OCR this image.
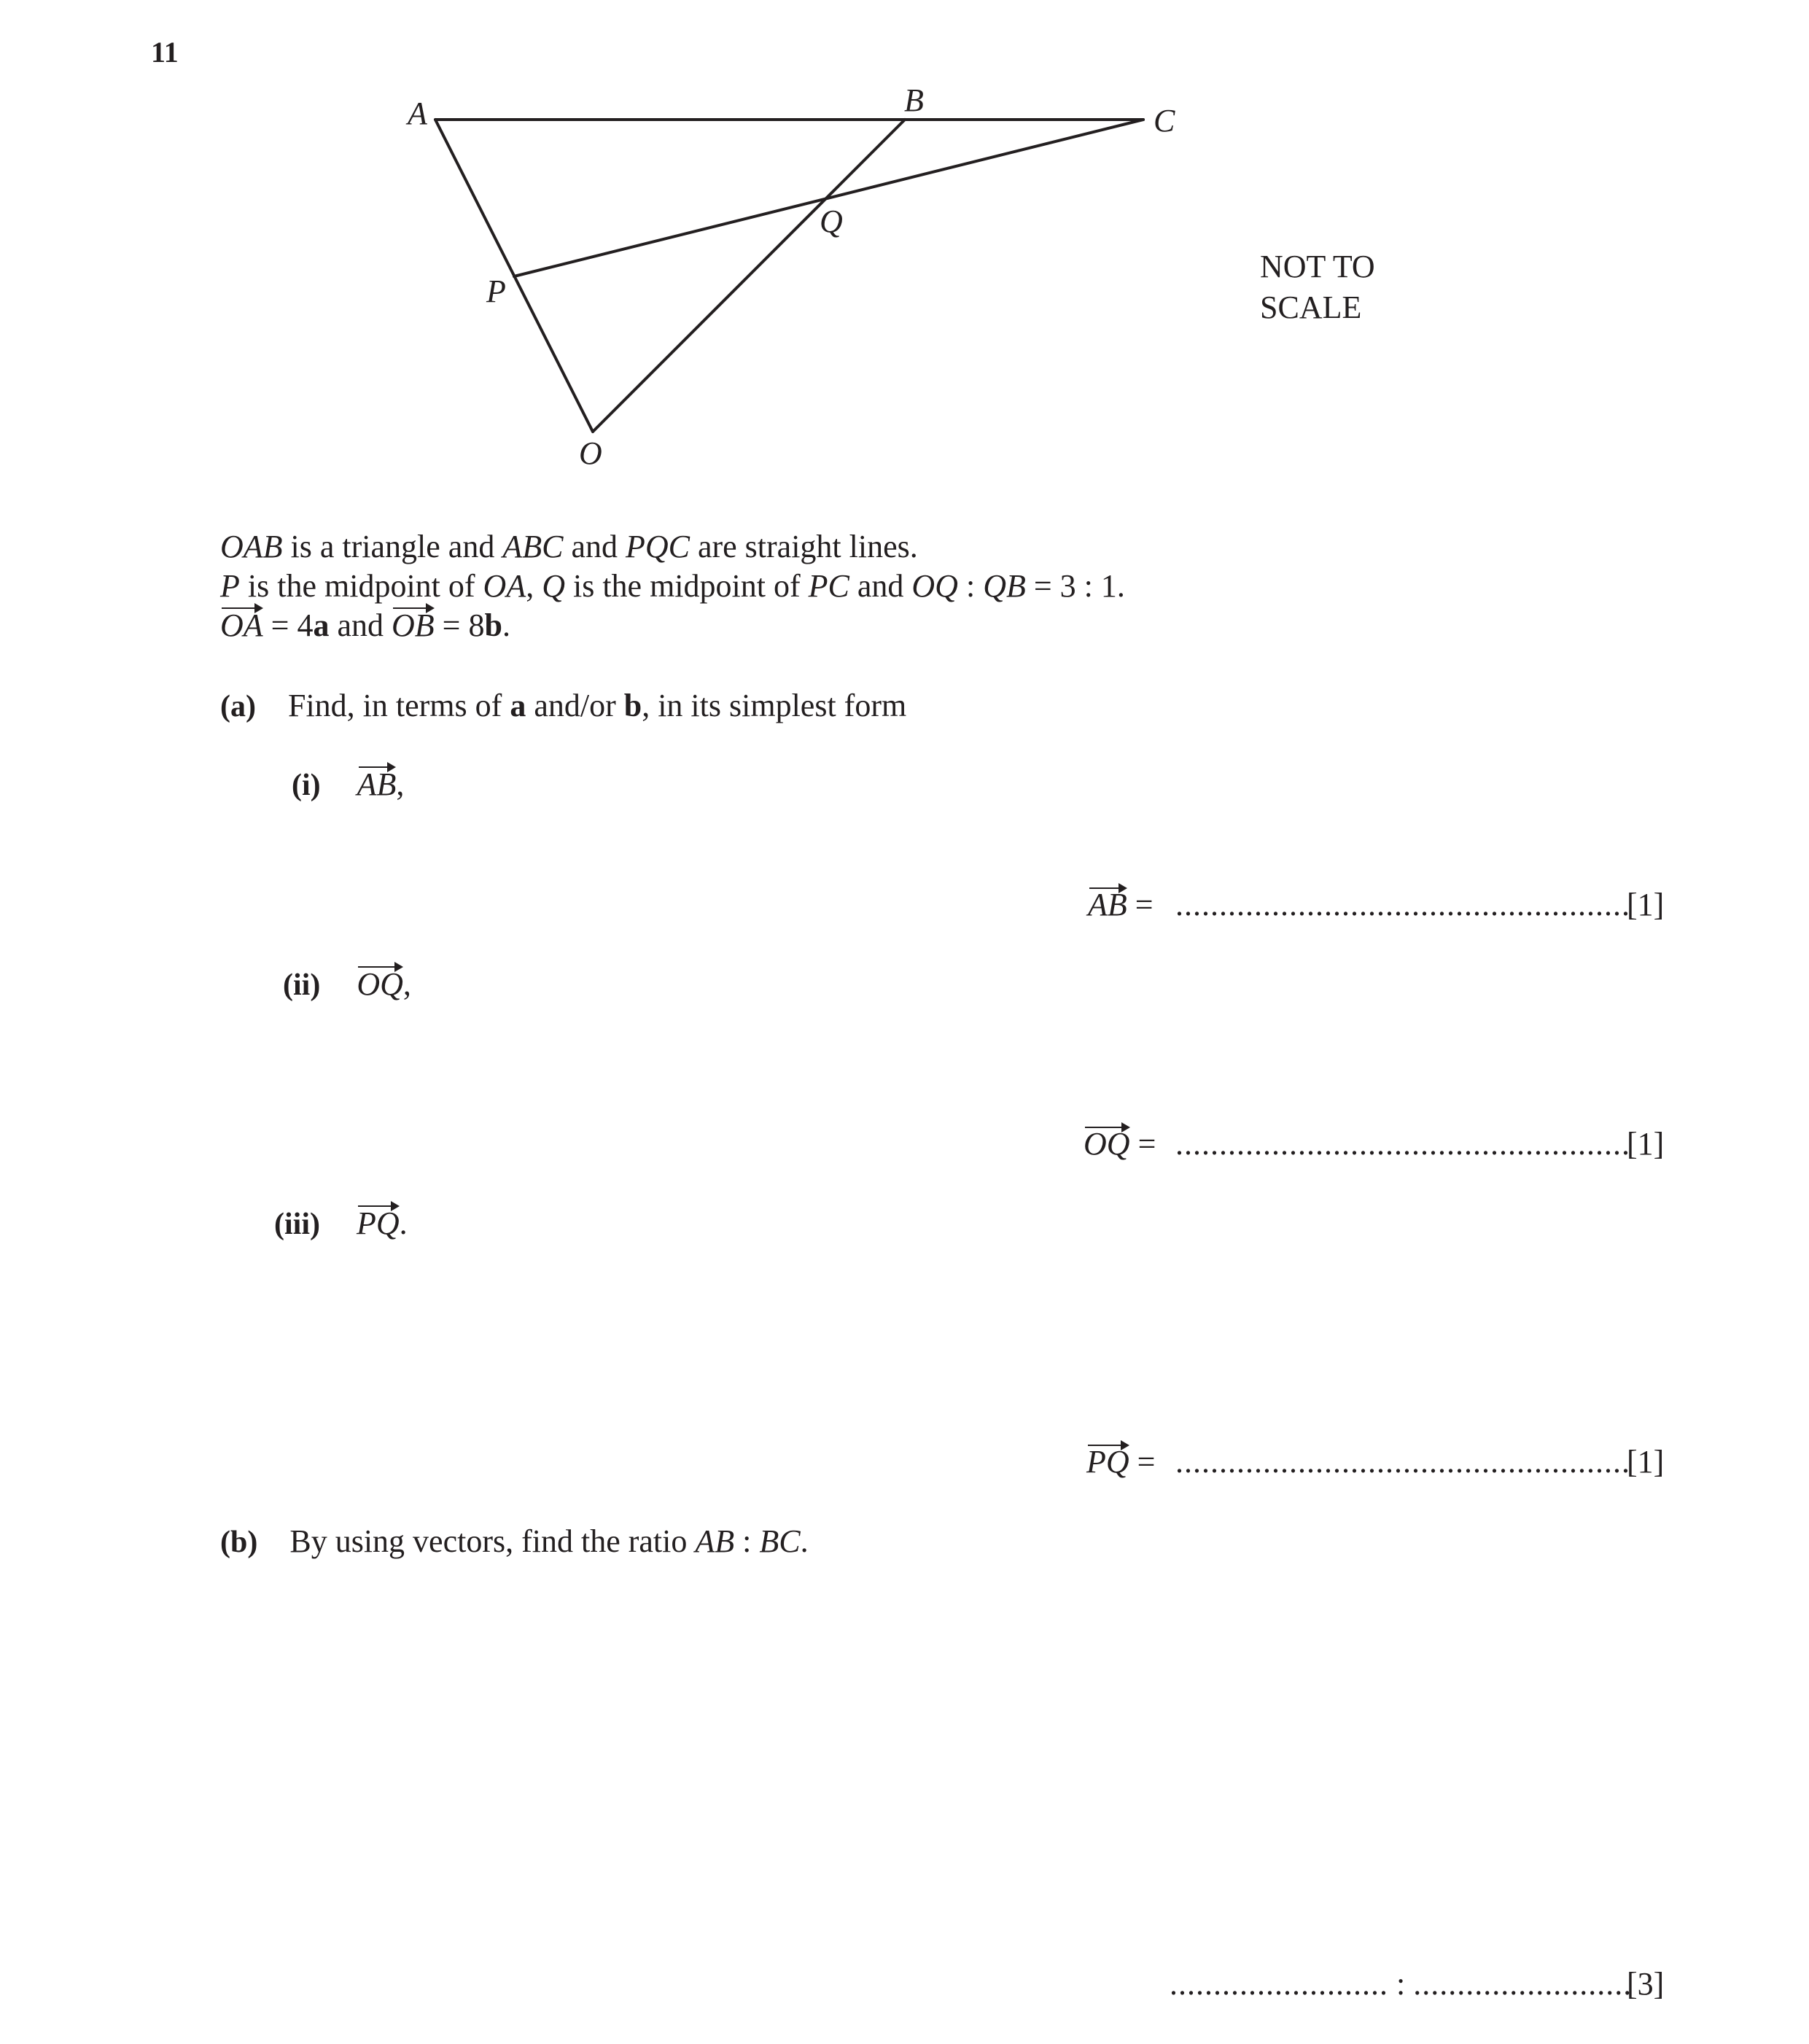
11
A	B
C
P
Q
O
NOT TO
SCALE
OAB is a triangle and ABC and PQC are straight lines.
P is the midpoint of OA, Q is the midpoint of PC and OQ : QB = 3 : 1.
OA = 4a and OB = 8b.
(a) Find, in terms of a and/or b, in its simplest form
(i) AB,
AB = ....................................................
[1]
(ii) OQ,
OQ = ....................................................
[1]
(iii) PQ.
PQ = ....................................................
[1]
(b) By using vectors, find the ratio AB : BC.
......................... : .........................
[3]
